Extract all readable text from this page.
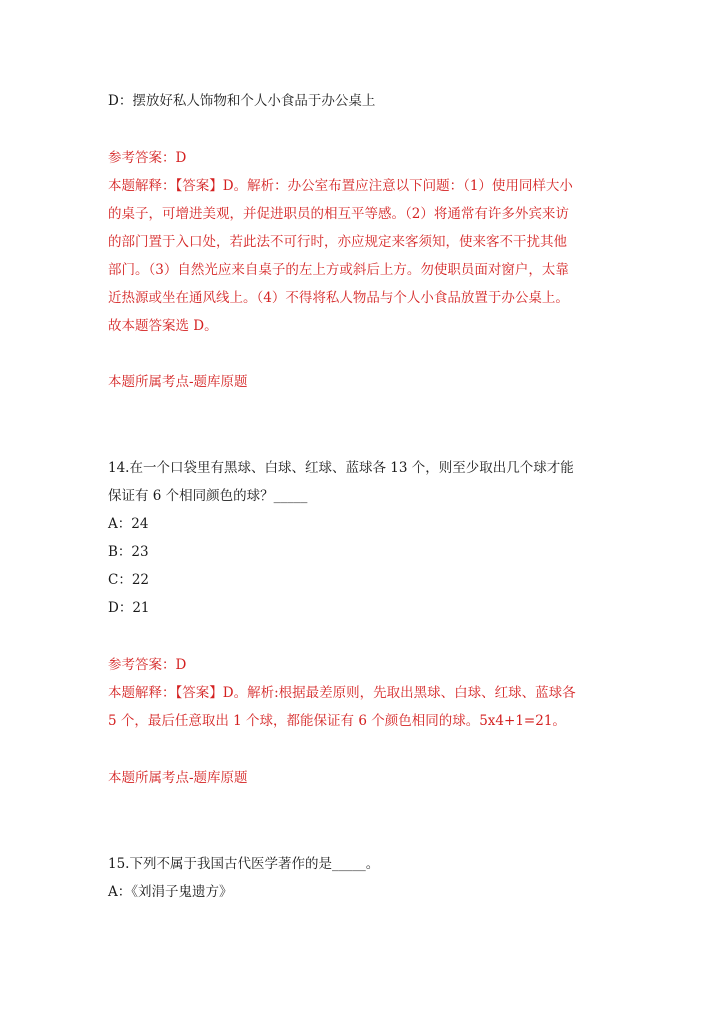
D：摆放好私人饰物和个人小食品于办公桌上
参考答案：D
本题解释：【答案】D。解析：办公室布置应注意以下问题：（1）使用同样大小
的桌子，可增进美观，并促进职员的相互平等感。（2）将通常有许多外宾来访
的部门置于入口处，若此法不可行时，亦应规定来客须知，使来客不干扰其他
部门。（3）自然光应来自桌子的左上方或斜后上方。勿使职员面对窗户，太靠
近热源或坐在通风线上。（4）不得将私人物品与个人小食品放置于办公桌上。
故本题答案选 D。
本题所属考点-题库原题
14.在一个口袋里有黑球、白球、红球、蓝球各 13 个，则至少取出几个球才能
保证有 6 个相同颜色的球？_____
A：24
B：23
C：22
D：21
参考答案：D
本题解释：【答案】D。解析:根据最差原则，先取出黑球、白球、红球、蓝球各
5 个，最后任意取出 1 个球，都能保证有 6 个颜色相同的球。5x4+1=21。
本题所属考点-题库原题
15.下列不属于我国古代医学著作的是_____。
A：《刘涓子鬼遗方》
